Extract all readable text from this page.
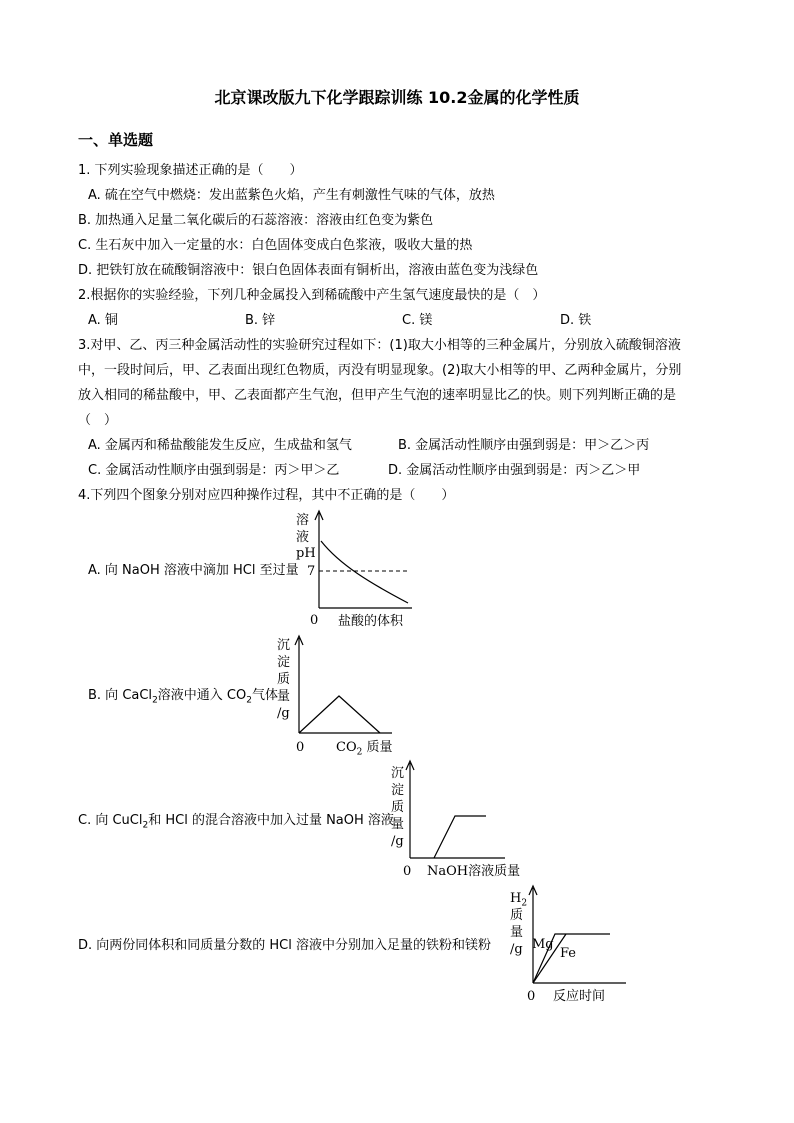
北京课改版九下化学跟踪训练 10.2金属的化学性质
一、单选题
1. 下列实验现象描述正确的是（　　）
A. 硫在空气中燃烧：发出蓝紫色火焰，产生有刺激性气味的气体，放热
B. 加热通入足量二氧化碳后的石蕊溶液：溶液由红色变为紫色
C. 生石灰中加入一定量的水：白色固体变成白色浆液，吸收大量的热
D. 把铁钉放在硫酸铜溶液中：银白色固体表面有铜析出，溶液由蓝色变为浅绿色
2.根据你的实验经验，下列几种金属投入到稀硫酸中产生氢气速度最快的是（　）
A. 铜	B. 锌	C. 镁	D. 铁
3.对甲、乙、丙三种金属活动性的实验研究过程如下：(1)取大小相等的三种金属片，分别放入硫酸铜溶液
中，一段时间后，甲、乙表面出现红色物质，丙没有明显现象。(2)取大小相等的甲、乙两种金属片，分别
放入相同的稀盐酸中，甲、乙表面都产生气泡，但甲产生气泡的速率明显比乙的快。则下列判断正确的是
（　）
A. 金属丙和稀盐酸能发生反应，生成盐和氢气	B. 金属活动性顺序由强到弱是：甲＞乙＞丙
C. 金属活动性顺序由强到弱是：丙＞甲＞乙	D. 金属活动性顺序由强到弱是：丙＞乙＞甲
4.下列四个图象分别对应四种操作过程，其中不正确的是（　　）
A. 向 NaOH 溶液中滴加 HCl 至过量
溶
液
pH
7
0 盐酸的体积
B. 向 CaCl$_2$溶液中通入 $CO_2$气体
沉
淀
质
量
/g
0 $CO_2$ 质量
C. 向 CuCl$_2$和 HCl 的混合溶液中加入过量 NaOH 溶液
沉
淀
质
量
/g
0 NaOH溶液质量
D. 向两份同体积和同质量分数的 HCl 溶液中分别加入足量的铁粉和镁粉
$H_2$
质
量
/g Mg
Fe
0 反应时间
